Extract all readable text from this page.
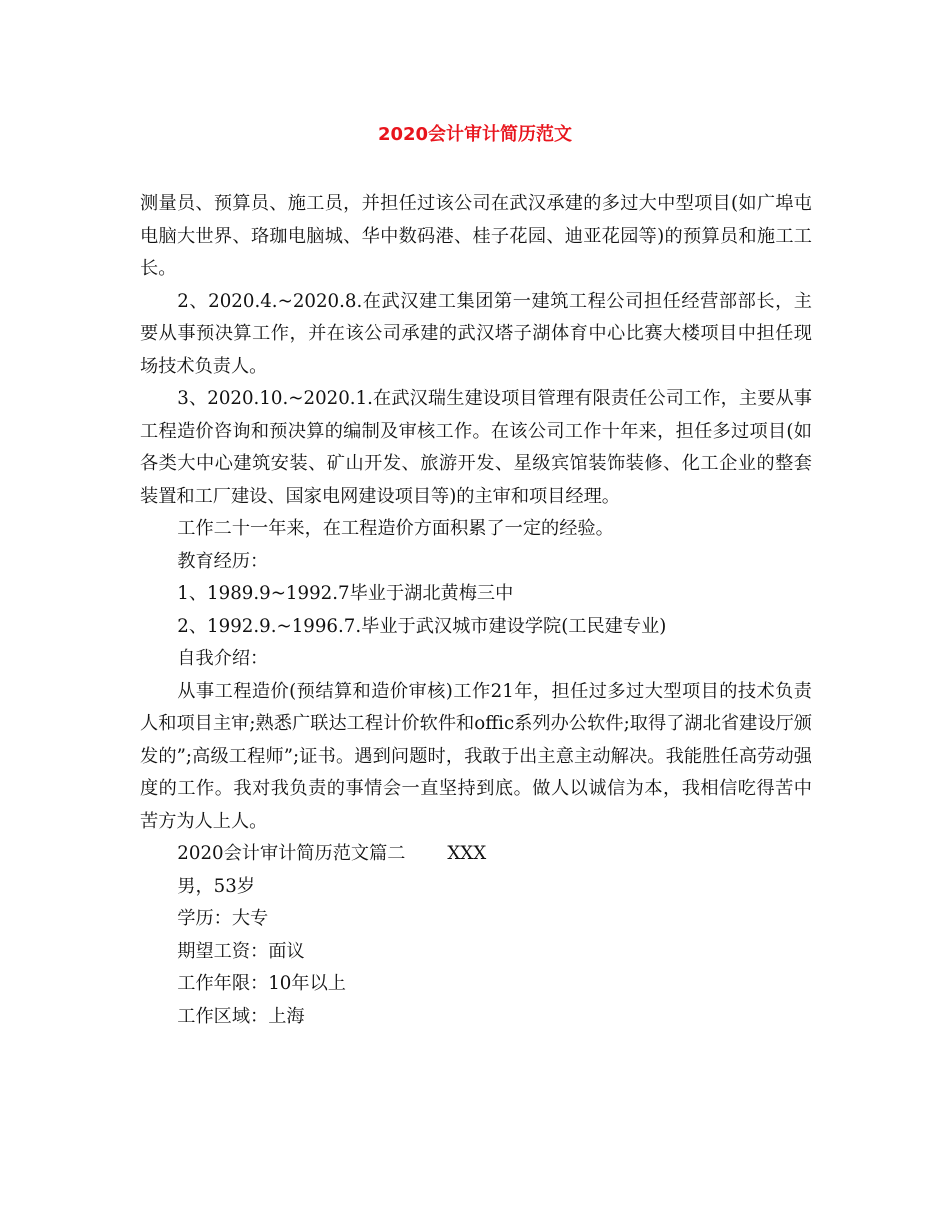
2020会计审计简历范文

测量员、预算员、施工员，并担任过该公司在武汉承建的多过大中型项目(如广埠屯电脑大世界、珞珈电脑城、华中数码港、桂子花园、迪亚花园等)的预算员和施工工长。

2、2020.4.~2020.8.在武汉建工集团第一建筑工程公司担任经营部部长，主要从事预决算工作，并在该公司承建的武汉塔子湖体育中心比赛大楼项目中担任现场技术负责人。

3、2020.10.~2020.1.在武汉瑞生建设项目管理有限责任公司工作，主要从事工程造价咨询和预决算的编制及审核工作。在该公司工作十年来，担任多过项目(如各类大中心建筑安装、矿山开发、旅游开发、星级宾馆装饰装修、化工企业的整套装置和工厂建设、国家电网建设项目等)的主审和项目经理。

工作二十一年来，在工程造价方面积累了一定的经验。

教育经历：

1、1989.9~1992.7毕业于湖北黄梅三中

2、1992.9.~1996.7.毕业于武汉城市建设学院(工民建专业)

自我介绍：

从事工程造价(预结算和造价审核)工作21年，担任过多过大型项目的技术负责人和项目主审;熟悉广联达工程计价软件和offic系列办公软件;取得了湖北省建设厅颁发的”;高级工程师”;证书。遇到问题时，我敢于出主意主动解决。我能胜任高劳动强度的工作。我对我负责的事情会一直坚持到底。做人以诚信为本，我相信吃得苦中苦方为人上人。

2020会计审计简历范文篇二 XXX

男，53岁

学历：大专

期望工资：面议

工作年限：10年以上

工作区域：上海
